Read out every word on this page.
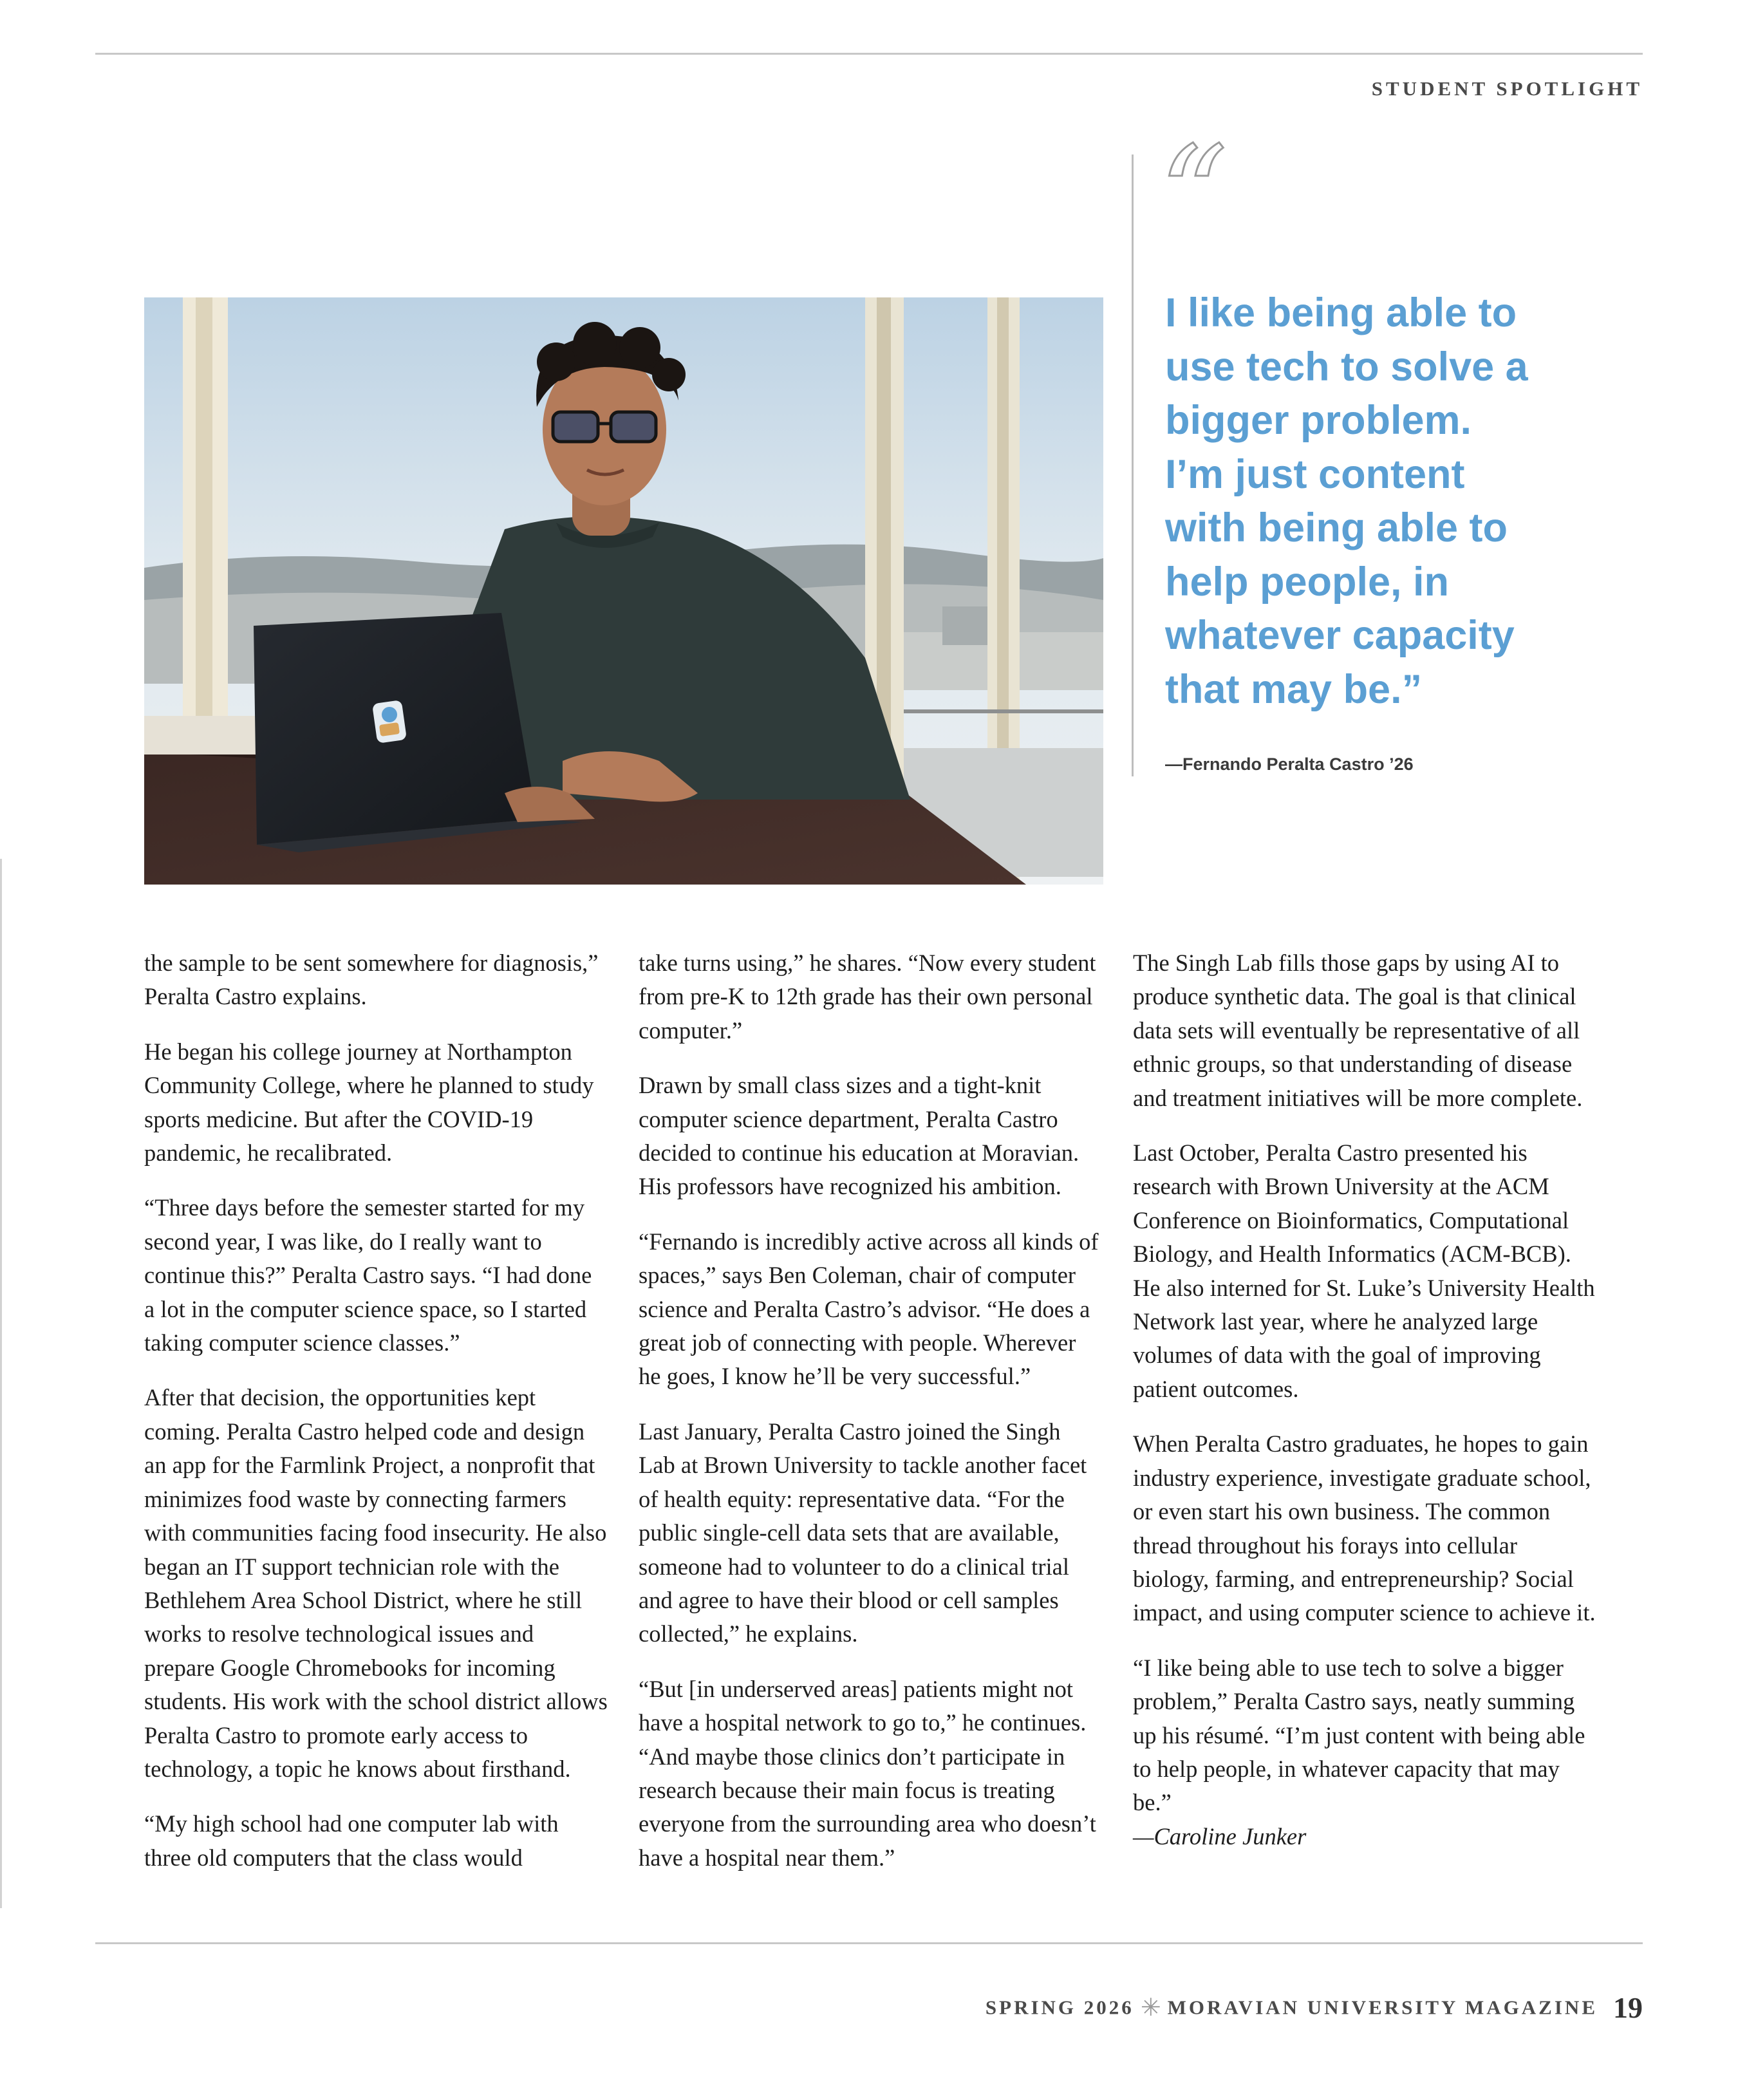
STUDENT SPOTLIGHT
“
I like being able to
use tech to solve a
bigger problem.
I’m just content
with being able to
help people, in
whatever capacity
that may be.”
—Fernando Peralta Castro ’26

the sample to be sent somewhere for diagnosis,” Peralta Castro explains.

He began his college journey at Northampton Community College, where he planned to study sports medicine. But after the COVID-19 pandemic, he recalibrated.

“Three days before the semester started for my second year, I was like, do I really want to continue this?” Peralta Castro says. “I had done a lot in the computer science space, so I started taking computer science classes.”

After that decision, the opportunities kept coming. Peralta Castro helped code and design an app for the Farmlink Project, a nonprofit that minimizes food waste by connecting farmers with communities facing food insecurity. He also began an IT support technician role with the Bethlehem Area School District, where he still works to resolve technological issues and prepare Google Chromebooks for incoming students. His work with the school district allows Peralta Castro to promote early access to technology, a topic he knows about firsthand.

“My high school had one computer lab with three old computers that the class would

take turns using,” he shares. “Now every student from pre-K to 12th grade has their own personal computer.”

Drawn by small class sizes and a tight-knit computer science department, Peralta Castro decided to continue his education at Moravian. His professors have recognized his ambition.

“Fernando is incredibly active across all kinds of spaces,” says Ben Coleman, chair of computer science and Peralta Castro’s advisor. “He does a great job of connecting with people. Wherever he goes, I know he’ll be very successful.”

Last January, Peralta Castro joined the Singh Lab at Brown University to tackle another facet of health equity: representative data. “For the public single-cell data sets that are available, someone had to volunteer to do a clinical trial and agree to have their blood or cell samples collected,” he explains.

“But [in underserved areas] patients might not have a hospital network to go to,” he continues. “And maybe those clinics don’t participate in research because their main focus is treating everyone from the surrounding area who doesn’t have a hospital near them.”

The Singh Lab fills those gaps by using AI to produce synthetic data. The goal is that clinical data sets will eventually be representative of all ethnic groups, so that understanding of disease and treatment initiatives will be more complete.

Last October, Peralta Castro presented his research with Brown University at the ACM Conference on Bioinformatics, Computational Biology, and Health Informatics (ACM-BCB). He also interned for St. Luke’s University Health Network last year, where he analyzed large volumes of data with the goal of improving patient outcomes.

When Peralta Castro graduates, he hopes to gain industry experience, investigate graduate school, or even start his own business. The common thread throughout his forays into cellular biology, farming, and entrepreneurship? Social impact, and using computer science to achieve it.

“I like being able to use tech to solve a bigger problem,” Peralta Castro says, neatly summing up his résumé. “I’m just content with being able to help people, in whatever capacity that may be.”

—Caroline Junker
SPRING 2026 ✳ MORAVIAN UNIVERSITY MAGAZINE 19
